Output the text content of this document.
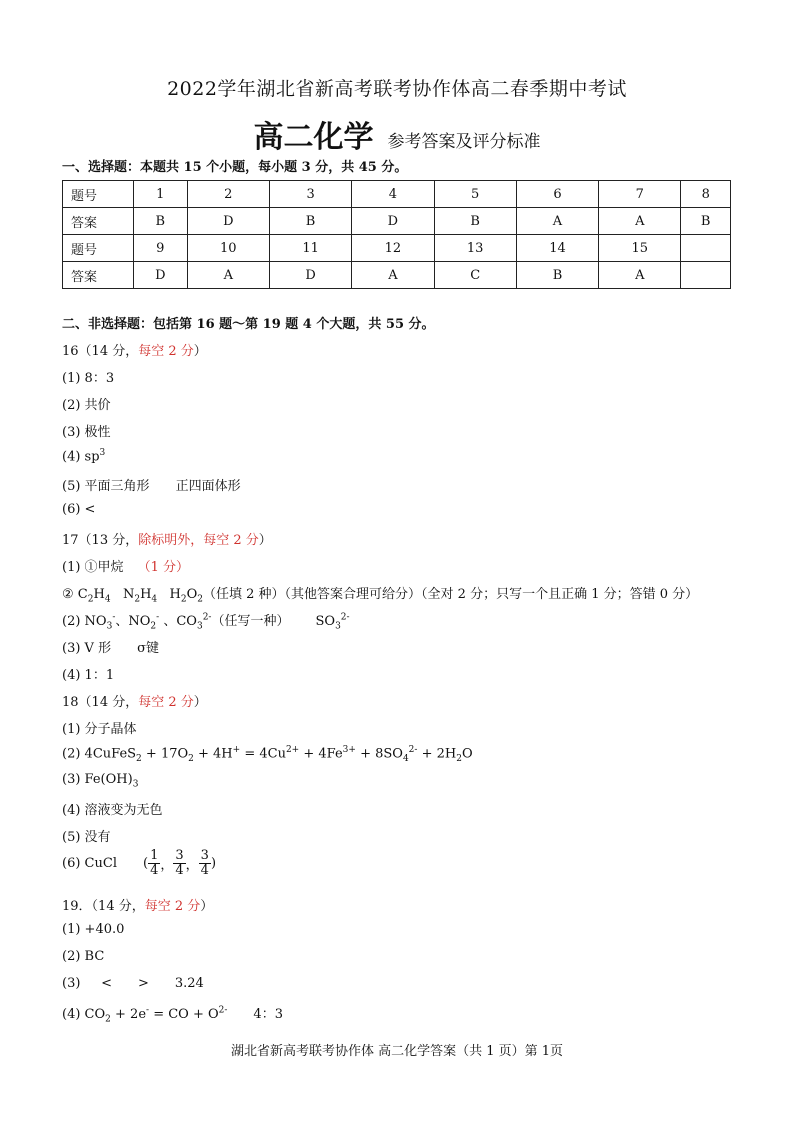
2022学年湖北省新高考联考协作体高二春季期中考试
高二化学 参考答案及评分标准
一、选择题：本题共 15 个小题，每小题 3 分，共 45 分。
题号	1	2	3	4	5	6	7	8
答案	B	D	B	D	B	A	A	B
题号	9	10	11	12	13	14	15	
答案	D	A	D	A	C	B	A	
二、非选择题：包括第 16 题～第 19 题 4 个大题，共 55 分。
16（14 分，每空 2 分）
(1) 8：3
(2) 共价
(3) 极性
(4) $sp^3$
(5) 平面三角形 正四面体形
(6) <
17（13 分，除标明外，每空 2 分）
(1) ①甲烷 （1 分）
② $C_2H_4$   $N_2H_4$   $H_2O_2$（任填 2 种）（其他答案合理可给分）（全对 2 分；只写一个且正确 1 分；答错 0 分）
(2) $NO_3^-$、$NO_2^-$ 、$CO_3^{2-}$（任写一种） $SO_3^{2-}$
(3) V 形 σ键
(4) 1：1
18（14 分，每空 2 分）
(1) 分子晶体
(2) 4CuFeS$_2$ + $17O_2 + 4H^+ = 4Cu^{2+} + 4Fe^{3+} + 8SO_4^{2-} + 2H_2O$
(3) $Fe(OH)_3$
(4) 溶液变为无色
(5) 没有
(6) CuCl ( $\frac{1}{4}$ ， $\frac{3}{4}$ ， $\frac{3}{4}$ )
19．（14 分，每空 2 分）
(1) +40.0
(2) BC
(3)     < > 3.24
(4) $CO_2 + 2e^-$ = CO + $O^{2-}$ 4：3
湖北省新高考联考协作体 高二化学答案（共 1 页）第 1页
